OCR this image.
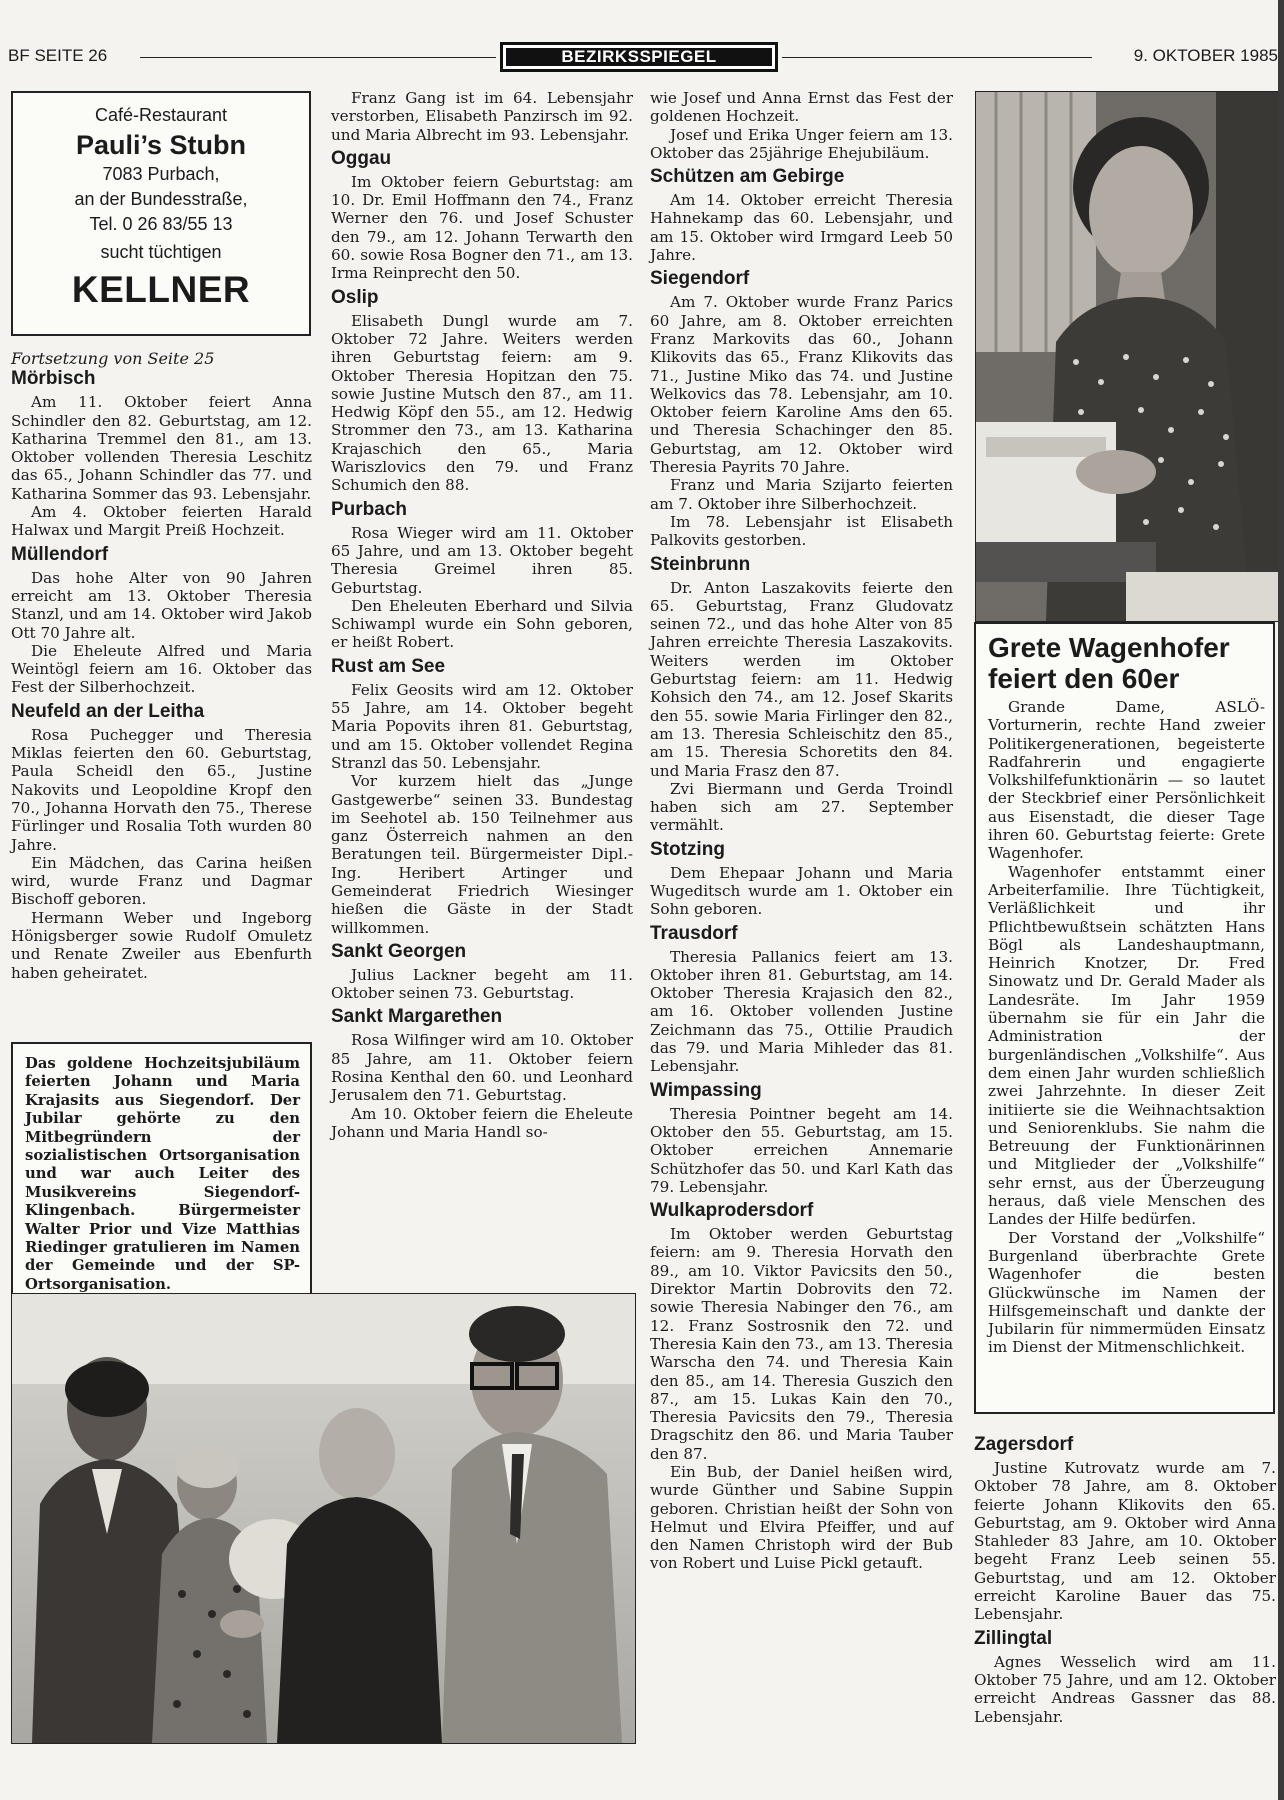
BF SEITE 26	BEZIRKSSPIEGEL	9. OKTOBER 1985
Café-Restaurant
Pauli’s Stubn
7083 Purbach,
an der Bundesstraße,
Tel. 0 26 83/55 13
sucht tüchtigen
KELLNER

Fortsetzung von Seite 25

Mörbisch

Am 11. Oktober feiert Anna Schindler den 82. Geburtstag, am 12. Katharina Tremmel den 81., am 13. Oktober vollenden Theresia Leschitz das 65., Johann Schindler das 77. und Katharina Sommer das 93. Lebensjahr.

Am 4. Oktober feierten Harald Halwax und Margit Preiß Hochzeit.

Müllendorf

Das hohe Alter von 90 Jahren erreicht am 13. Oktober Theresia Stanzl, und am 14. Oktober wird Jakob Ott 70 Jahre alt.

Die Eheleute Alfred und Maria Weintögl feiern am 16. Oktober das Fest der Silberhochzeit.

Neufeld an der Leitha

Rosa Puchegger und Theresia Miklas feierten den 60. Geburtstag, Paula Scheidl den 65., Justine Nakovits und Leopoldine Kropf den 70., Johanna Horvath den 75., Therese Fürlinger und Rosalia Toth wurden 80 Jahre.

Ein Mädchen, das Carina heißen wird, wurde Franz und Dagmar Bischoff geboren.

Hermann Weber und Ingeborg Hönigsberger sowie Rudolf Omuletz und Renate Zweiler aus Ebenfurth haben geheiratet.

Das goldene Hochzeitsjubiläum feierten Johann und Maria Krajasits aus Siegendorf. Der Jubilar gehörte zu den Mitbegründern der sozialistischen Ortsorganisation und war auch Leiter des Musikvereins Siegendorf-Klingenbach. Bürgermeister Walter Prior und Vize Matthias Riedinger gratulieren im Namen der Gemeinde und der SP-Ortsorganisation.

Franz Gang ist im 64. Lebensjahr verstorben, Elisabeth Panzirsch im 92. und Maria Albrecht im 93. Lebensjahr.

Oggau

Im Oktober feiern Geburtstag: am 10. Dr. Emil Hoffmann den 74., Franz Werner den 76. und Josef Schuster den 79., am 12. Johann Terwarth den 60. sowie Rosa Bogner den 71., am 13. Irma Reinprecht den 50.

Oslip

Elisabeth Dungl wurde am 7. Oktober 72 Jahre. Weiters werden ihren Geburtstag feiern: am 9. Oktober Theresia Hopitzan den 75. sowie Justine Mutsch den 87., am 11. Hedwig Köpf den 55., am 12. Hedwig Strommer den 73., am 13. Katharina Krajaschich den 65., Maria Wariszlovics den 79. und Franz Schumich den 88.

Purbach

Rosa Wieger wird am 11. Oktober 65 Jahre, und am 13. Oktober begeht Theresia Greimel ihren 85. Geburtstag.

Den Eheleuten Eberhard und Silvia Schiwampl wurde ein Sohn geboren, er heißt Robert.

Rust am See

Felix Geosits wird am 12. Oktober 55 Jahre, am 14. Oktober begeht Maria Popovits ihren 81. Geburtstag, und am 15. Oktober vollendet Regina Stranzl das 50. Lebensjahr.

Vor kurzem hielt das „Junge Gastgewerbe“ seinen 33. Bundestag im Seehotel ab. 150 Teilnehmer aus ganz Österreich nahmen an den Beratungen teil. Bürgermeister Dipl.-Ing. Heribert Artinger und Gemeinderat Friedrich Wiesinger hießen die Gäste in der Stadt willkommen.

Sankt Georgen

Julius Lackner begeht am 11. Oktober seinen 73. Geburtstag.

Sankt Margarethen

Rosa Wilfinger wird am 10. Oktober 85 Jahre, am 11. Oktober feiern Rosina Kenthal den 60. und Leonhard Jerusalem den 71. Geburtstag.

Am 10. Oktober feiern die Eheleute Johann und Maria Handl so-

wie Josef und Anna Ernst das Fest der goldenen Hochzeit.

Josef und Erika Unger feiern am 13. Oktober das 25jährige Ehejubiläum.

Schützen am Gebirge

Am 14. Oktober erreicht Theresia Hahnekamp das 60. Lebensjahr, und am 15. Oktober wird Irmgard Leeb 50 Jahre.

Siegendorf

Am 7. Oktober wurde Franz Parics 60 Jahre, am 8. Oktober erreichten Franz Markovits das 60., Johann Klikovits das 65., Franz Klikovits das 71., Justine Miko das 74. und Justine Welkovics das 78. Lebensjahr, am 10. Oktober feiern Karoline Ams den 65. und Theresia Schachinger den 85. Geburtstag, am 12. Oktober wird Theresia Payrits 70 Jahre.

Franz und Maria Szijarto feierten am 7. Oktober ihre Silberhochzeit.

Im 78. Lebensjahr ist Elisabeth Palkovits gestorben.

Steinbrunn

Dr. Anton Laszakovits feierte den 65. Geburtstag, Franz Gludovatz seinen 72., und das hohe Alter von 85 Jahren erreichte Theresia Laszakovits. Weiters werden im Oktober Geburtstag feiern: am 11. Hedwig Kohsich den 74., am 12. Josef Skarits den 55. sowie Maria Firlinger den 82., am 13. Theresia Schleischitz den 85., am 15. Theresia Schoretits den 84. und Maria Frasz den 87.

Zvi Biermann und Gerda Troindl haben sich am 27. September vermählt.

Stotzing

Dem Ehepaar Johann und Maria Wugeditsch wurde am 1. Oktober ein Sohn geboren.

Trausdorf

Theresia Pallanics feiert am 13. Oktober ihren 81. Geburtstag, am 14. Oktober Theresia Krajasich den 82., am 16. Oktober vollenden Justine Zeichmann das 75., Ottilie Praudich das 79. und Maria Mihleder das 81. Lebensjahr.

Wimpassing

Theresia Pointner begeht am 14. Oktober den 55. Geburtstag, am 15. Oktober erreichen Annemarie Schützhofer das 50. und Karl Kath das 79. Lebensjahr.

Wulkaprodersdorf

Im Oktober werden Geburtstag feiern: am 9. Theresia Horvath den 89., am 10. Viktor Pavicsits den 50., Direktor Martin Dobrovits den 72. sowie Theresia Nabinger den 76., am 12. Franz Sostrosnik den 72. und Theresia Kain den 73., am 13. Theresia Warscha den 74. und Theresia Kain den 85., am 14. Theresia Guszich den 87., am 15. Lukas Kain den 70., Theresia Pavicsits den 79., Theresia Dragschitz den 86. und Maria Tauber den 87.

Ein Bub, der Daniel heißen wird, wurde Günther und Sabine Suppin geboren. Christian heißt der Sohn von Helmut und Elvira Pfeiffer, und auf den Namen Christoph wird der Bub von Robert und Luise Pickl getauft.

Grete Wagenhofer feiert den 60er

Grande Dame, ASLÖ-Vorturnerin, rechte Hand zweier Politikergenerationen, begeisterte Radfahrerin und engagierte Volkshilfefunktionärin — so lautet der Steckbrief einer Persönlichkeit aus Eisenstadt, die dieser Tage ihren 60. Geburtstag feierte: Grete Wagenhofer.

Wagenhofer entstammt einer Arbeiterfamilie. Ihre Tüchtigkeit, Verläßlichkeit und ihr Pflichtbewußtsein schätzten Hans Bögl als Landeshauptmann, Heinrich Knotzer, Dr. Fred Sinowatz und Dr. Gerald Mader als Landesräte. Im Jahr 1959 übernahm sie für ein Jahr die Administration der burgenländischen „Volkshilfe“. Aus dem einen Jahr wurden schließlich zwei Jahrzehnte. In dieser Zeit initiierte sie die Weihnachtsaktion und Seniorenklubs. Sie nahm die Betreuung der Funktionärinnen und Mitglieder der „Volkshilfe“ sehr ernst, aus der Überzeugung heraus, daß viele Menschen des Landes der Hilfe bedürfen.

Der Vorstand der „Volkshilfe“ Burgenland überbrachte Grete Wagenhofer die besten Glückwünsche im Namen der Hilfsgemeinschaft und dankte der Jubilarin für nimmermüden Einsatz im Dienst der Mitmenschlichkeit.

Zagersdorf

Justine Kutrovatz wurde am 7. Oktober 78 Jahre, am 8. Oktober feierte Johann Klikovits den 65. Geburtstag, am 9. Oktober wird Anna Stahleder 83 Jahre, am 10. Oktober begeht Franz Leeb seinen 55. Geburtstag, und am 12. Oktober erreicht Karoline Bauer das 75. Lebensjahr.

Zillingtal

Agnes Wesselich wird am 11. Oktober 75 Jahre, und am 12. Oktober erreicht Andreas Gassner das 88. Lebensjahr.
